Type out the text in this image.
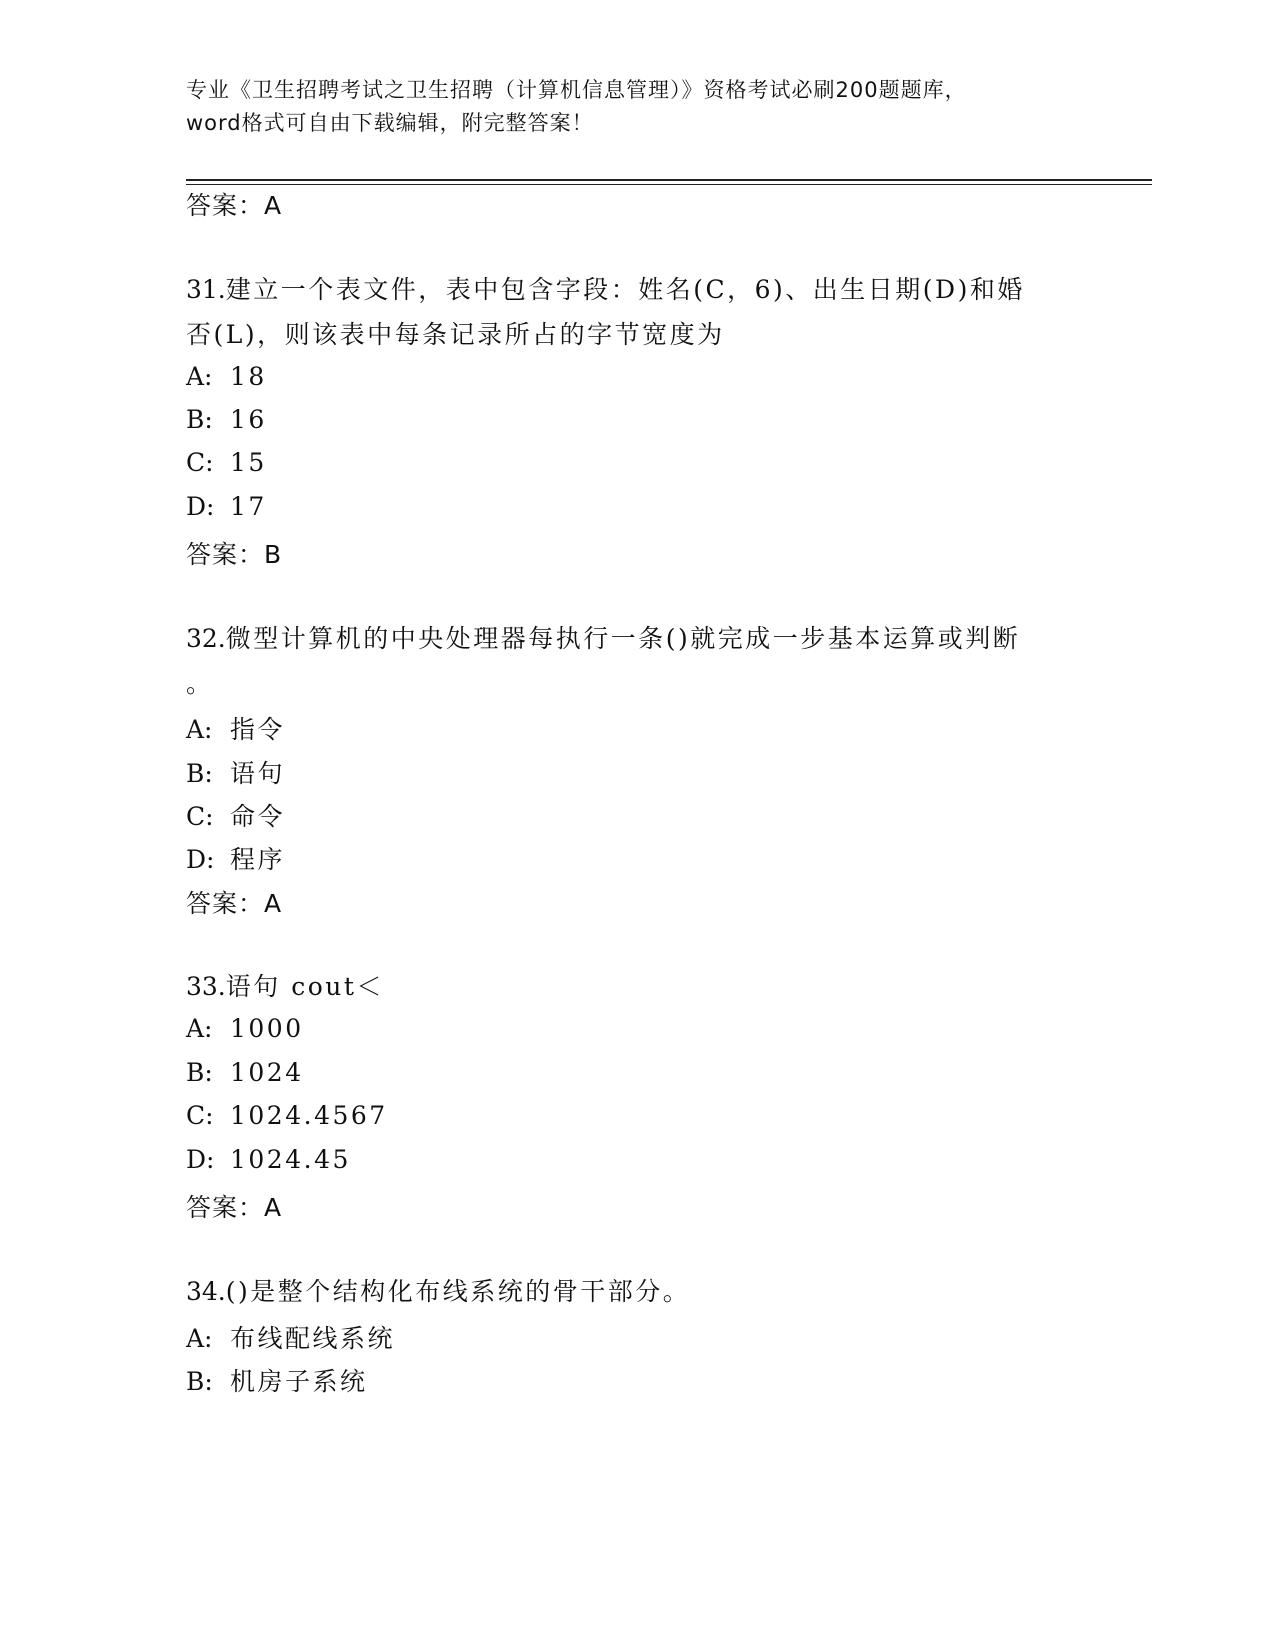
专业《卫生招聘考试之卫生招聘（计算机信息管理）》资格考试必刷200题题库，
word格式可自由下载编辑，附完整答案！
答案：A
31.建立一个表文件，表中包含字段：姓名(C，6)、出生日期(D)和婚
否(L)，则该表中每条记录所占的字节宽度为
A: 18
B: 16
C: 15
D: 17
答案：B
32.微型计算机的中央处理器每执行一条()就完成一步基本运算或判断
。
A: 指令
B: 语句
C: 命令
D: 程序
答案：A
33.语句 cout＜
A: 1000
B: 1024
C: 1024.4567
D: 1024.45
答案：A
34.()是整个结构化布线系统的骨干部分。
A: 布线配线系统
B: 机房子系统
